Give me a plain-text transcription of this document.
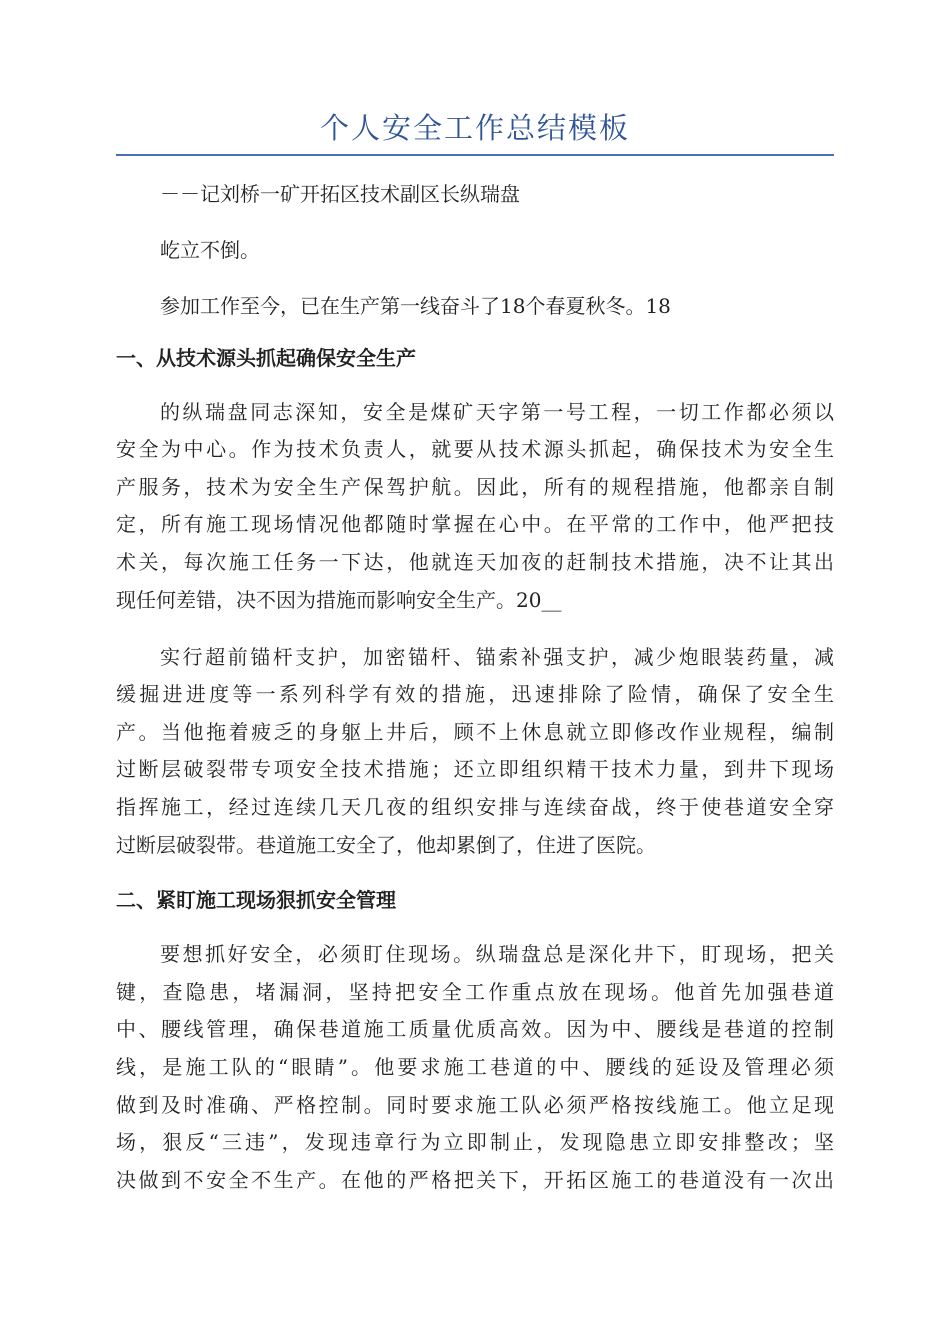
个人安全工作总结模板
－－记刘桥一矿开拓区技术副区长纵瑞盘
屹立不倒。
参加工作至今，已在生产第一线奋斗了18个春夏秋冬。18
一、从技术源头抓起确保安全生产
的纵瑞盘同志深知，安全是煤矿天字第一号工程，一切工作都必须以
安全为中心。作为技术负责人，就要从技术源头抓起，确保技术为安全生
产服务，技术为安全生产保驾护航。因此，所有的规程措施，他都亲自制
定，所有施工现场情况他都随时掌握在心中。在平常的工作中，他严把技
术关，每次施工任务一下达，他就连天加夜的赶制技术措施，决不让其出
现任何差错，决不因为措施而影响安全生产。20__
实行超前锚杆支护，加密锚杆、锚索补强支护，减少炮眼装药量，减
缓掘进进度等一系列科学有效的措施，迅速排除了险情，确保了安全生
产。当他拖着疲乏的身躯上井后，顾不上休息就立即修改作业规程，编制
过断层破裂带专项安全技术措施；还立即组织精干技术力量，到井下现场
指挥施工，经过连续几天几夜的组织安排与连续奋战，终于使巷道安全穿
过断层破裂带。巷道施工安全了，他却累倒了，住进了医院。
二、紧盯施工现场狠抓安全管理
要想抓好安全，必须盯住现场。纵瑞盘总是深化井下，盯现场，把关
键，查隐患，堵漏洞，坚持把安全工作重点放在现场。他首先加强巷道
中、腰线管理，确保巷道施工质量优质高效。因为中、腰线是巷道的控制
线，是施工队的“眼睛”。他要求施工巷道的中、腰线的延设及管理必须
做到及时准确、严格控制。同时要求施工队必须严格按线施工。他立足现
场，狠反“三违”，发现违章行为立即制止，发现隐患立即安排整改；坚
决做到不安全不生产。在他的严格把关下，开拓区施工的巷道没有一次出
